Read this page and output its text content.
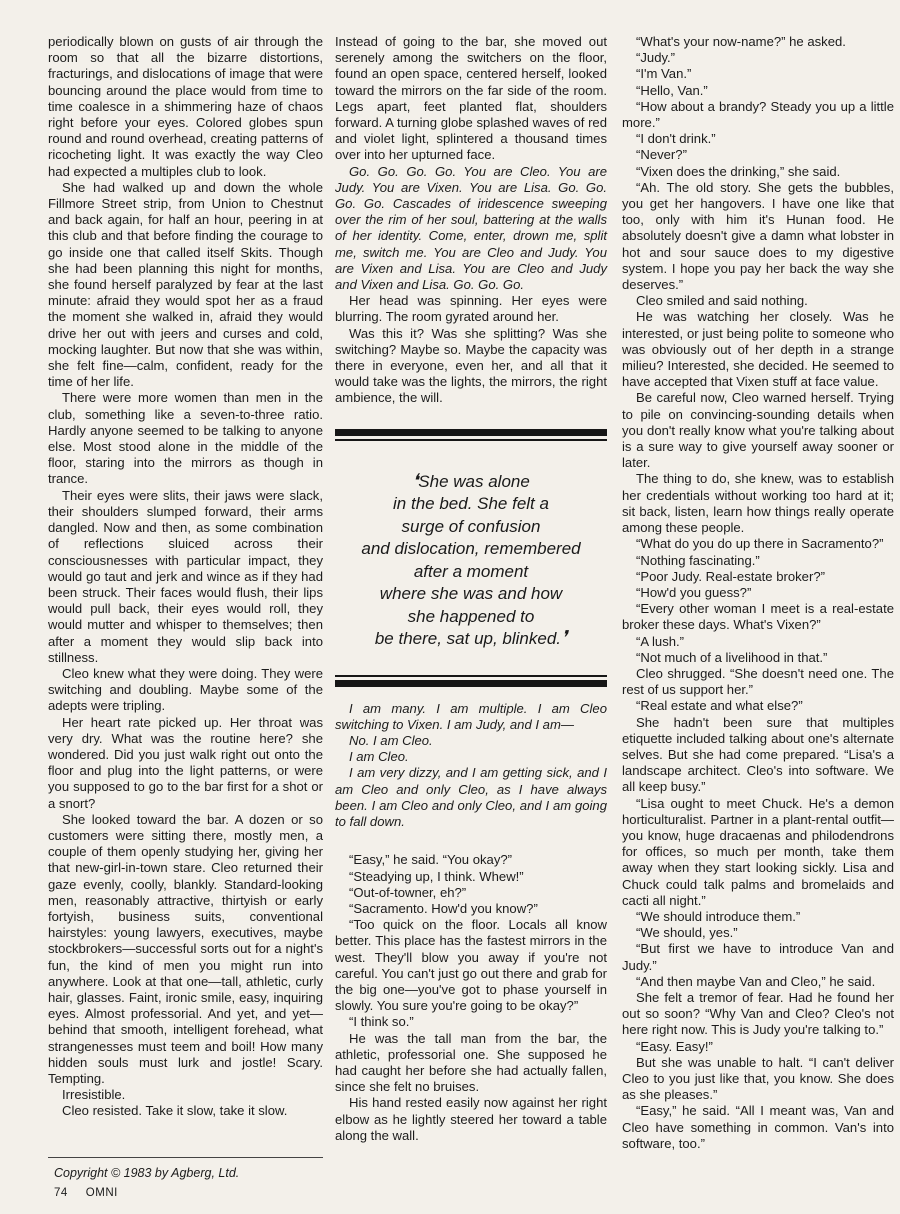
periodically blown on gusts of air through the room so that all the bizarre distortions, fracturings, and dislocations of image that were bouncing around the place would from time to time coalesce in a shimmering haze of chaos right before your eyes. Colored globes spun round and round overhead, creating patterns of ricocheting light. It was exactly the way Cleo had expected a multiples club to look.

She had walked up and down the whole Fillmore Street strip, from Union to Chestnut and back again, for half an hour, peering in at this club and that before finding the courage to go inside one that called itself Skits. Though she had been planning this night for months, she found herself paralyzed by fear at the last minute: afraid they would spot her as a fraud the moment she walked in, afraid they would drive her out with jeers and curses and cold, mocking laughter. But now that she was within, she felt fine—calm, confident, ready for the time of her life.

There were more women than men in the club, something like a seven-to-three ratio. Hardly anyone seemed to be talking to anyone else. Most stood alone in the middle of the floor, staring into the mirrors as though in trance.

Their eyes were slits, their jaws were slack, their shoulders slumped forward, their arms dangled. Now and then, as some combination of reflections sluiced across their consciousnesses with particular impact, they would go taut and jerk and wince as if they had been struck. Their faces would flush, their lips would pull back, their eyes would roll, they would mutter and whisper to themselves; then after a moment they would slip back into stillness.

Cleo knew what they were doing. They were switching and doubling. Maybe some of the adepts were tripling.

Her heart rate picked up. Her throat was very dry. What was the routine here? she wondered. Did you just walk right out onto the floor and plug into the light patterns, or were you supposed to go to the bar first for a shot or a snort?

She looked toward the bar. A dozen or so customers were sitting there, mostly men, a couple of them openly studying her, giving her that new-girl-in-town stare. Cleo returned their gaze evenly, coolly, blankly. Standard-looking men, reasonably attractive, thirtyish or early fortyish, business suits, conventional hairstyles: young lawyers, executives, maybe stockbrokers—successful sorts out for a night's fun, the kind of men you might run into anywhere. Look at that one—tall, athletic, curly hair, glasses. Faint, ironic smile, easy, inquiring eyes. Almost professorial. And yet, and yet—behind that smooth, intelligent forehead, what strangenesses must teem and boil! How many hidden souls must lurk and jostle! Scary. Tempting.

Irresistible.

Cleo resisted. Take it slow, take it slow.

Instead of going to the bar, she moved out serenely among the switchers on the floor, found an open space, centered herself, looked toward the mirrors on the far side of the room. Legs apart, feet planted flat, shoulders forward. A turning globe splashed waves of red and violet light, splintered a thousand times over into her upturned face.

Go. Go. Go. Go. You are Cleo. You are Judy. You are Vixen. You are Lisa. Go. Go. Go. Go. Cascades of iridescence sweeping over the rim of her soul, battering at the walls of her identity. Come, enter, drown me, split me, switch me. You are Cleo and Judy. You are Vixen and Lisa. You are Cleo and Judy and Vixen and Lisa. Go. Go. Go.

Her head was spinning. Her eyes were blurring. The room gyrated around her.

Was this it? Was she splitting? Was she switching? Maybe so. Maybe the capacity was there in everyone, even her, and all that it would take was the lights, the mirrors, the right ambience, the will.

❛She was alone
in the bed. She felt a
surge of confusion
and dislocation, remembered
after a moment
where she was and how
she happened to
be there, sat up, blinked.❜

I am many. I am multiple. I am Cleo switching to Vixen. I am Judy, and I am—

No. I am Cleo.

I am Cleo.

I am very dizzy, and I am getting sick, and I am Cleo and only Cleo, as I have always been. I am Cleo and only Cleo, and I am going to fall down.

“Easy,” he said. “You okay?”

“Steadying up, I think. Whew!”

“Out-of-towner, eh?”

“Sacramento. How'd you know?”

“Too quick on the floor. Locals all know better. This place has the fastest mirrors in the west. They'll blow you away if you're not careful. You can't just go out there and grab for the big one—you've got to phase yourself in slowly. You sure you're going to be okay?”

“I think so.”

He was the tall man from the bar, the athletic, professorial one. She supposed he had caught her before she had actually fallen, since she felt no bruises.

His hand rested easily now against her right elbow as he lightly steered her toward a table along the wall.

“What's your now-name?” he asked.

“Judy.”

“I'm Van.”

“Hello, Van.”

“How about a brandy? Steady you up a little more.”

“I don't drink.”

“Never?”

“Vixen does the drinking,” she said.

“Ah. The old story. She gets the bubbles, you get her hangovers. I have one like that too, only with him it's Hunan food. He absolutely doesn't give a damn what lobster in hot and sour sauce does to my digestive system. I hope you pay her back the way she deserves.”

Cleo smiled and said nothing.

He was watching her closely. Was he interested, or just being polite to someone who was obviously out of her depth in a strange milieu? Interested, she decided. He seemed to have accepted that Vixen stuff at face value.

Be careful now, Cleo warned herself. Trying to pile on convincing-sounding details when you don't really know what you're talking about is a sure way to give yourself away sooner or later.

The thing to do, she knew, was to establish her credentials without working too hard at it; sit back, listen, learn how things really operate among these people.

“What do you do up there in Sacramento?”

“Nothing fascinating.”

“Poor Judy. Real-estate broker?”

“How'd you guess?”

“Every other woman I meet is a real-estate broker these days. What's Vixen?”

“A lush.”

“Not much of a livelihood in that.”

Cleo shrugged. “She doesn't need one. The rest of us support her.”

“Real estate and what else?”

She hadn't been sure that multiples etiquette included talking about one's alternate selves. But she had come prepared. “Lisa's a landscape architect. Cleo's into software. We all keep busy.”

“Lisa ought to meet Chuck. He's a demon horticulturalist. Partner in a plant-rental outfit—you know, huge dracaenas and philodendrons for offices, so much per month, take them away when they start looking sickly. Lisa and Chuck could talk palms and bromelaids and cacti all night.”

“We should introduce them.”

“We should, yes.”

“But first we have to introduce Van and Judy.”

“And then maybe Van and Cleo,” he said.

She felt a tremor of fear. Had he found her out so soon? “Why Van and Cleo? Cleo's not here right now. This is Judy you're talking to.”

“Easy. Easy!”

But she was unable to halt. “I can't deliver Cleo to you just like that, you know. She does as she pleases.”

“Easy,” he said. “All I meant was, Van and Cleo have something in common. Van's into software, too.”

Copyright © 1983 by Agberg, Ltd.
74 OMNI
